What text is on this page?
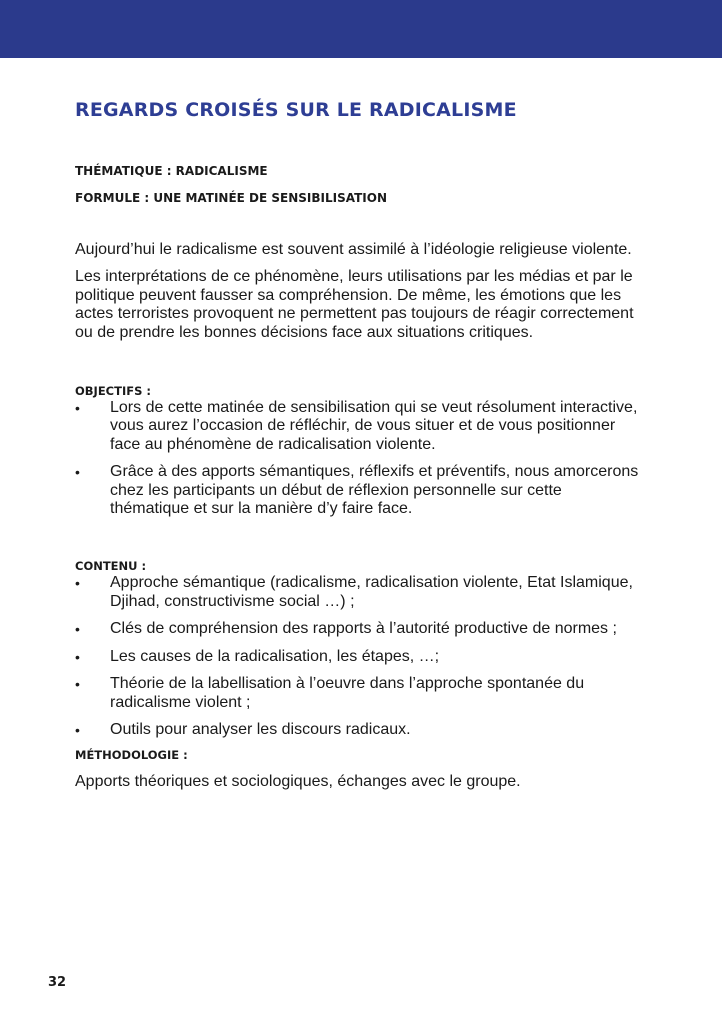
REGARDS CROISÉS SUR LE RADICALISME
THÉMATIQUE : RADICALISME
FORMULE : UNE MATINÉE DE SENSIBILISATION

Aujourd’hui le radicalisme est souvent assimilé à l’idéologie religieuse violente.

Les interprétations de ce phénomène, leurs utilisations par les médias et par le politique peuvent fausser sa compréhension. De même, les émotions que les actes terroristes provoquent ne permettent pas toujours de réagir correctement ou de prendre les bonnes décisions face aux situations critiques.

OBJECTIFS :
• Lors de cette matinée de sensibilisation qui se veut résolument interactive, vous aurez l’occasion de réfléchir, de vous situer et de vous positionner face au phénomène de radicalisation violente.
• Grâce à des apports sémantiques, réflexifs et préventifs, nous amorcerons chez les participants un début de réflexion personnelle sur cette thématique et sur la manière d’y faire face.
CONTENU :
• Approche sémantique (radicalisme, radicalisation violente, Etat Islamique, Djihad, constructivisme social …) ;
• Clés de compréhension des rapports à l’autorité productive de normes ;
• Les causes de la radicalisation, les étapes, …;
• Théorie de la labellisation à l’oeuvre dans l’approche spontanée du radicalisme violent ;
• Outils pour analyser les discours radicaux.
MÉTHODOLOGIE :

Apports théoriques et sociologiques, échanges avec le groupe.

32
